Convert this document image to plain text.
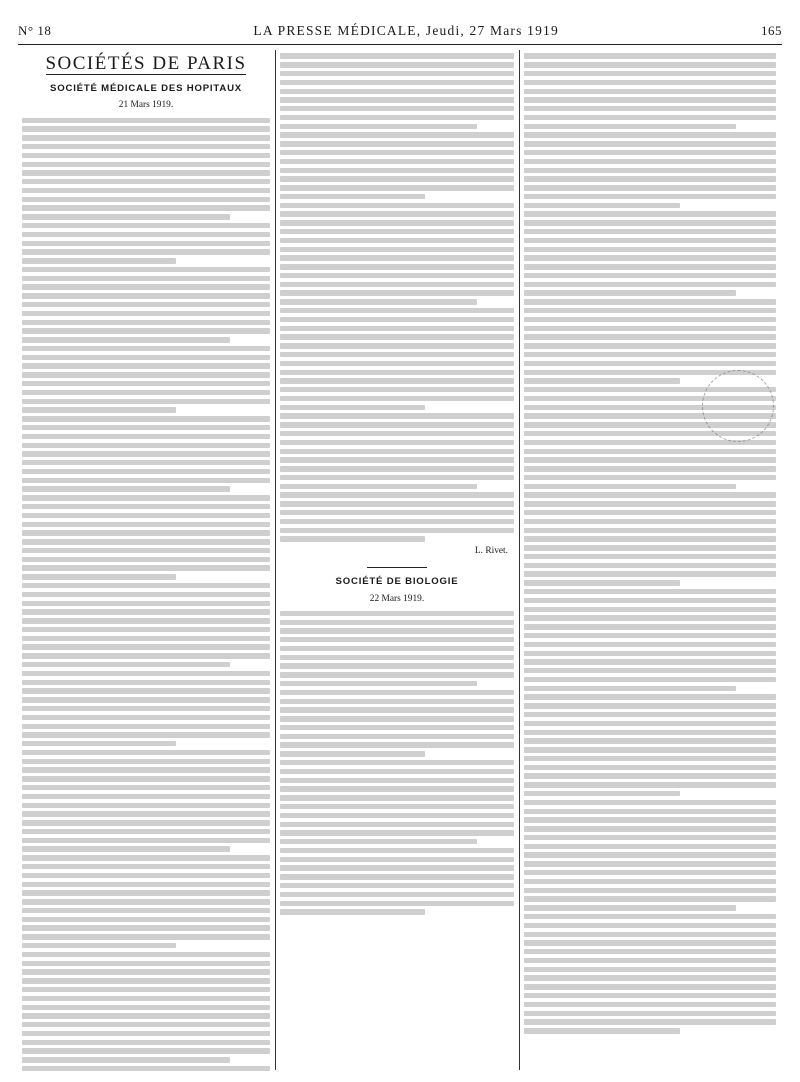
N° 18	LA PRESSE MÉDICALE, Jeudi, 27 Mars 1919	165
SOCIÉTÉS DE PARIS
SOCIÉTÉ MÉDICALE DES HOPITAUX
21 Mars 1919.
L. Rivet.
SOCIÉTÉ DE BIOLOGIE
22 Mars 1919.
